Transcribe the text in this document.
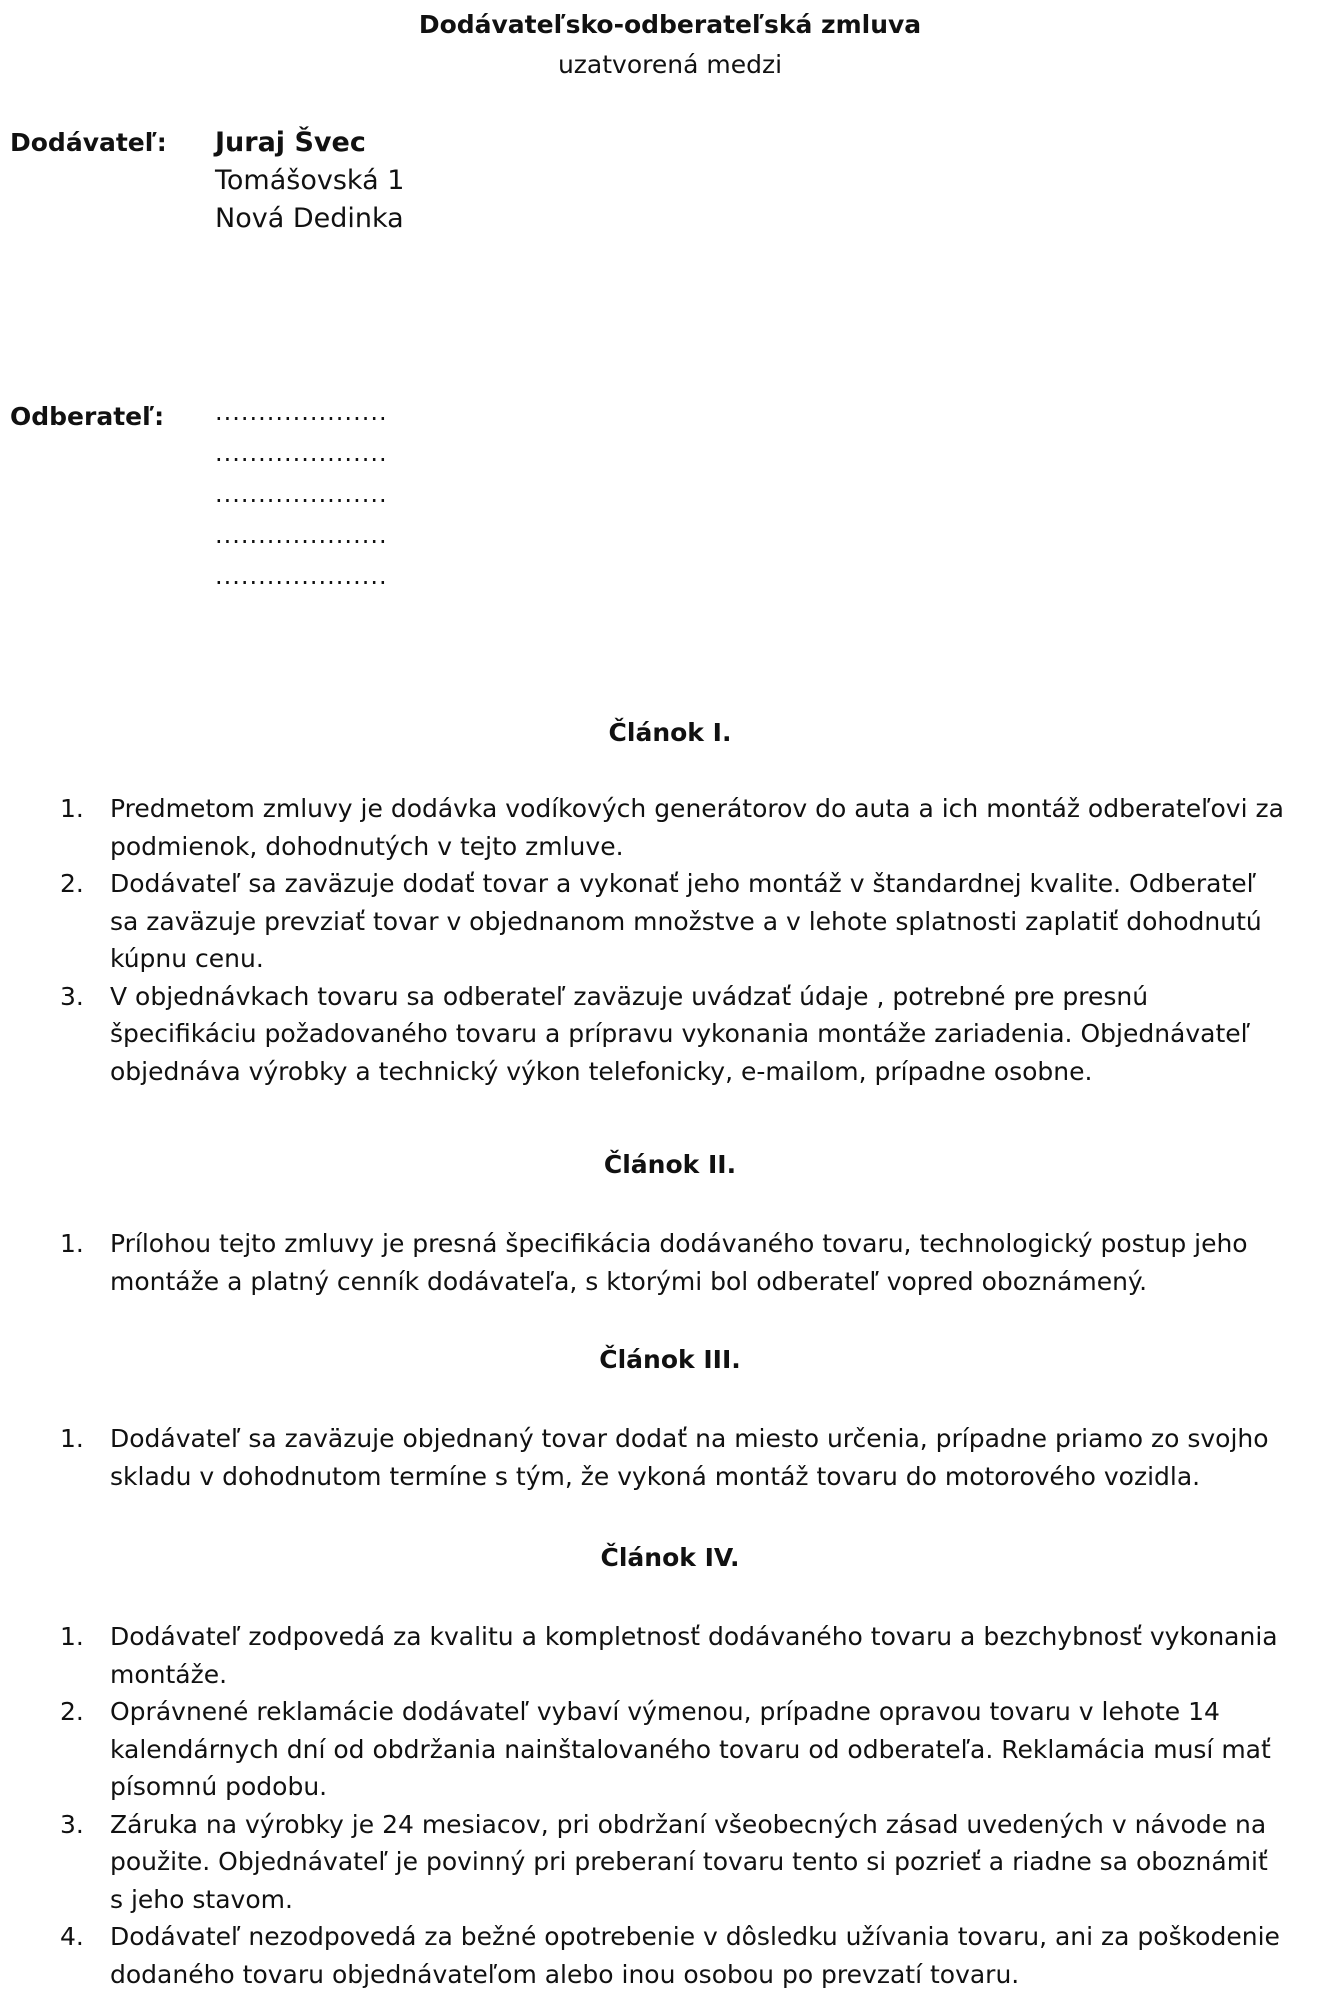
Dodávateľsko-odberateľská zmluva
uzatvorená medzi
Dodávateľ: Juraj Švec
Tomášovská 1
Nová Dedinka
Odberateľ: ....................
....................
....................
....................
....................
Článok I.
1. Predmetom zmluvy je dodávka vodíkových generátorov do auta a ich montáž odberateľovi za
podmienok, dohodnutých v tejto zmluve.
2. Dodávateľ sa zaväzuje dodať tovar a vykonať jeho montáž v štandardnej kvalite. Odberateľ
sa zaväzuje prevziať tovar v objednanom množstve a v lehote splatnosti zaplatiť dohodnutú
kúpnu cenu.
3. V objednávkach tovaru sa odberateľ zaväzuje uvádzať údaje , potrebné pre presnú
špecifikáciu požadovaného tovaru a prípravu vykonania montáže zariadenia. Objednávateľ
objednáva výrobky a technický výkon telefonicky, e-mailom, prípadne osobne.
Článok II.
1. Prílohou tejto zmluvy je presná špecifikácia dodávaného tovaru, technologický postup jeho
montáže a platný cenník dodávateľa, s ktorými bol odberateľ vopred oboznámený.
Článok III.
1. Dodávateľ sa zaväzuje objednaný tovar dodať na miesto určenia, prípadne priamo zo svojho
skladu v dohodnutom termíne s tým, že vykoná montáž tovaru do motorového vozidla.
Článok IV.
1. Dodávateľ zodpovedá za kvalitu a kompletnosť dodávaného tovaru a bezchybnosť vykonania
montáže.
2. Oprávnené reklamácie dodávateľ vybaví výmenou, prípadne opravou tovaru v lehote 14
kalendárnych dní od obdržania nainštalovaného tovaru od odberateľa. Reklamácia musí mať
písomnú podobu.
3. Záruka na výrobky je 24 mesiacov, pri obdržaní všeobecných zásad uvedených v návode na
použite. Objednávateľ je povinný pri preberaní tovaru tento si pozrieť a riadne sa oboznámiť
s jeho stavom.
4. Dodávateľ nezodpovedá za bežné opotrebenie v dôsledku užívania tovaru, ani za poškodenie
dodaného tovaru objednávateľom alebo inou osobou po prevzatí tovaru.
